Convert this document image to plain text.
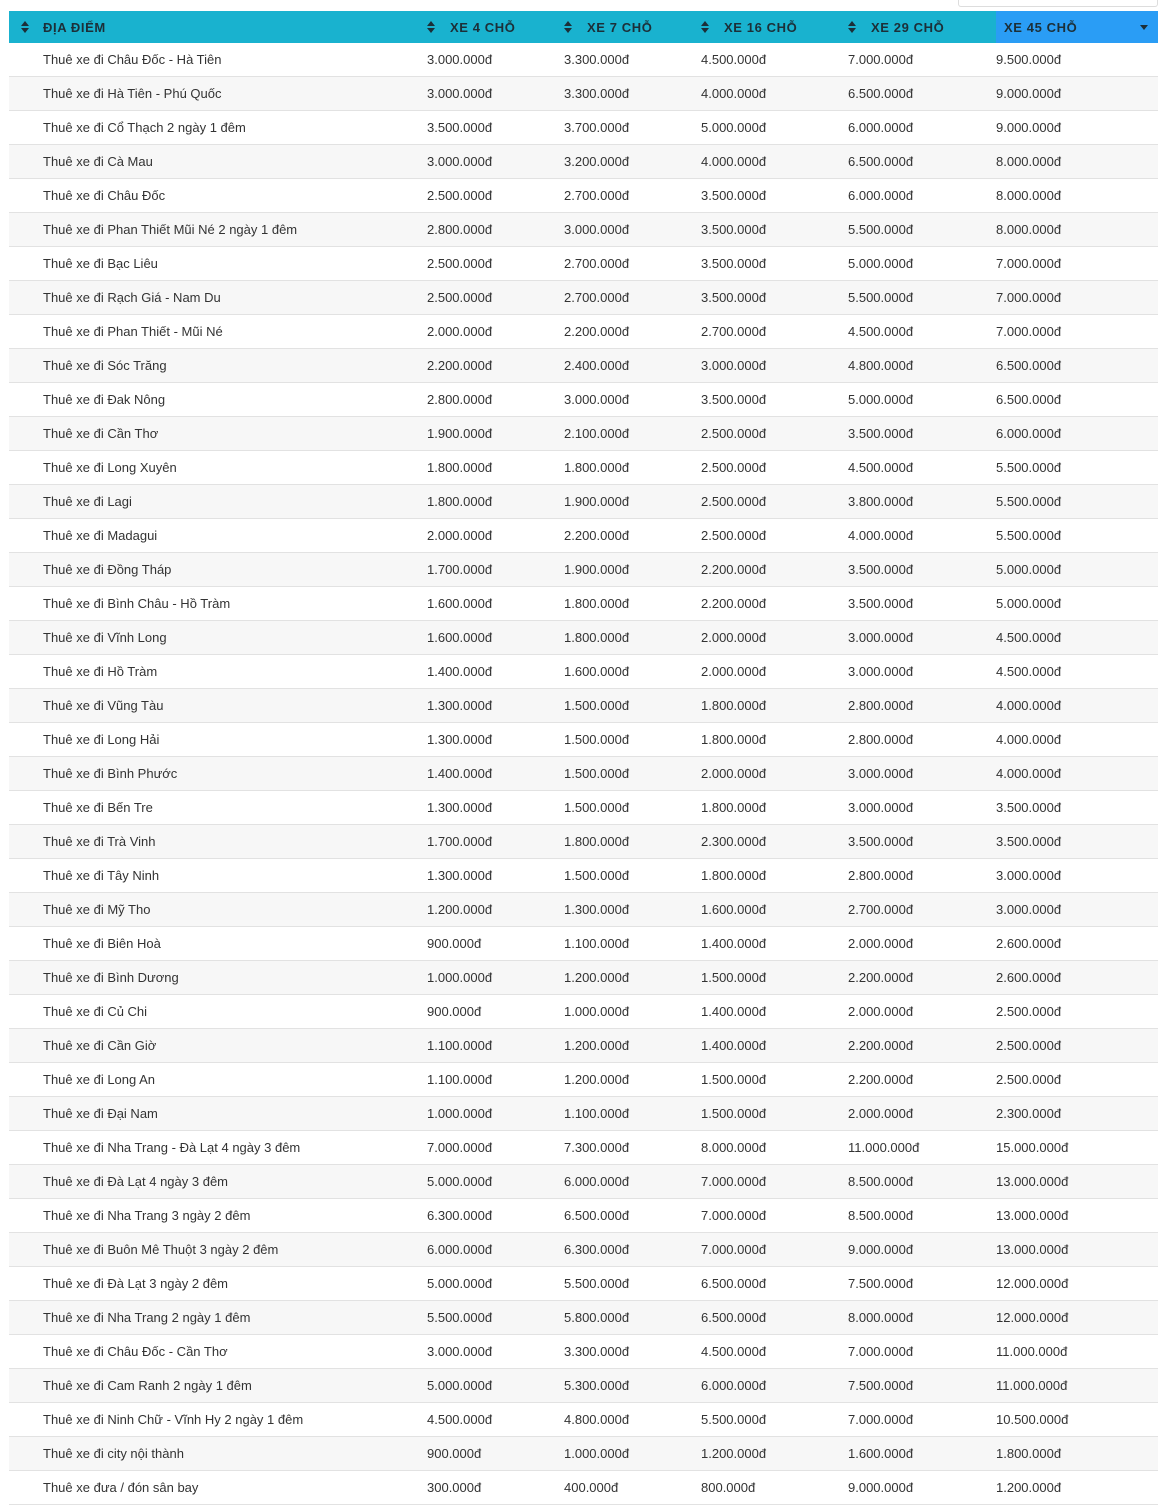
ĐỊA ĐIỂM	XE 4 CHỖ	XE 7 CHỖ	XE 16 CHỖ	XE 29 CHỖ	XE 45 CHỖ

Thuê xe đi Châu Đốc - Hà Tiên	3.000.000đ	3.300.000đ	4.500.000đ	7.000.000đ	9.500.000đ
Thuê xe đi Hà Tiên - Phú Quốc	3.000.000đ	3.300.000đ	4.000.000đ	6.500.000đ	9.000.000đ
Thuê xe đi Cổ Thạch 2 ngày 1 đêm	3.500.000đ	3.700.000đ	5.000.000đ	6.000.000đ	9.000.000đ
Thuê xe đi Cà Mau	3.000.000đ	3.200.000đ	4.000.000đ	6.500.000đ	8.000.000đ
Thuê xe đi Châu Đốc	2.500.000đ	2.700.000đ	3.500.000đ	6.000.000đ	8.000.000đ
Thuê xe đi Phan Thiết Mũi Né 2 ngày 1 đêm	2.800.000đ	3.000.000đ	3.500.000đ	5.500.000đ	8.000.000đ
Thuê xe đi Bạc Liêu	2.500.000đ	2.700.000đ	3.500.000đ	5.000.000đ	7.000.000đ
Thuê xe đi Rạch Giá - Nam Du	2.500.000đ	2.700.000đ	3.500.000đ	5.500.000đ	7.000.000đ
Thuê xe đi Phan Thiết - Mũi Né	2.000.000đ	2.200.000đ	2.700.000đ	4.500.000đ	7.000.000đ
Thuê xe đi Sóc Trăng	2.200.000đ	2.400.000đ	3.000.000đ	4.800.000đ	6.500.000đ
Thuê xe đi Đak Nông	2.800.000đ	3.000.000đ	3.500.000đ	5.000.000đ	6.500.000đ
Thuê xe đi Cần Thơ	1.900.000đ	2.100.000đ	2.500.000đ	3.500.000đ	6.000.000đ
Thuê xe đi Long Xuyên	1.800.000đ	1.800.000đ	2.500.000đ	4.500.000đ	5.500.000đ
Thuê xe đi Lagi	1.800.000đ	1.900.000đ	2.500.000đ	3.800.000đ	5.500.000đ
Thuê xe đi Madagui	2.000.000đ	2.200.000đ	2.500.000đ	4.000.000đ	5.500.000đ
Thuê xe đi Đồng Tháp	1.700.000đ	1.900.000đ	2.200.000đ	3.500.000đ	5.000.000đ
Thuê xe đi Bình Châu - Hồ Tràm	1.600.000đ	1.800.000đ	2.200.000đ	3.500.000đ	5.000.000đ
Thuê xe đi Vĩnh Long	1.600.000đ	1.800.000đ	2.000.000đ	3.000.000đ	4.500.000đ
Thuê xe đi Hồ Tràm	1.400.000đ	1.600.000đ	2.000.000đ	3.000.000đ	4.500.000đ
Thuê xe đi Vũng Tàu	1.300.000đ	1.500.000đ	1.800.000đ	2.800.000đ	4.000.000đ
Thuê xe đi Long Hải	1.300.000đ	1.500.000đ	1.800.000đ	2.800.000đ	4.000.000đ
Thuê xe đi Bình Phước	1.400.000đ	1.500.000đ	2.000.000đ	3.000.000đ	4.000.000đ
Thuê xe đi Bến Tre	1.300.000đ	1.500.000đ	1.800.000đ	3.000.000đ	3.500.000đ
Thuê xe đi Trà Vinh	1.700.000đ	1.800.000đ	2.300.000đ	3.500.000đ	3.500.000đ
Thuê xe đi Tây Ninh	1.300.000đ	1.500.000đ	1.800.000đ	2.800.000đ	3.000.000đ
Thuê xe đi Mỹ Tho	1.200.000đ	1.300.000đ	1.600.000đ	2.700.000đ	3.000.000đ
Thuê xe đi Biên Hoà	900.000đ	1.100.000đ	1.400.000đ	2.000.000đ	2.600.000đ
Thuê xe đi Bình Dương	1.000.000đ	1.200.000đ	1.500.000đ	2.200.000đ	2.600.000đ
Thuê xe đi Củ Chi	900.000đ	1.000.000đ	1.400.000đ	2.000.000đ	2.500.000đ
Thuê xe đi Cần Giờ	1.100.000đ	1.200.000đ	1.400.000đ	2.200.000đ	2.500.000đ
Thuê xe đi Long An	1.100.000đ	1.200.000đ	1.500.000đ	2.200.000đ	2.500.000đ
Thuê xe đi Đại Nam	1.000.000đ	1.100.000đ	1.500.000đ	2.000.000đ	2.300.000đ
Thuê xe đi Nha Trang - Đà Lạt 4 ngày 3 đêm	7.000.000đ	7.300.000đ	8.000.000đ	11.000.000đ	15.000.000đ
Thuê xe đi Đà Lạt 4 ngày 3 đêm	5.000.000đ	6.000.000đ	7.000.000đ	8.500.000đ	13.000.000đ
Thuê xe đi Nha Trang 3 ngày 2 đêm	6.300.000đ	6.500.000đ	7.000.000đ	8.500.000đ	13.000.000đ
Thuê xe đi Buôn Mê Thuột 3 ngày 2 đêm	6.000.000đ	6.300.000đ	7.000.000đ	9.000.000đ	13.000.000đ
Thuê xe đi Đà Lạt 3 ngày 2 đêm	5.000.000đ	5.500.000đ	6.500.000đ	7.500.000đ	12.000.000đ
Thuê xe đi Nha Trang 2 ngày 1 đêm	5.500.000đ	5.800.000đ	6.500.000đ	8.000.000đ	12.000.000đ
Thuê xe đi Châu Đốc - Cần Thơ	3.000.000đ	3.300.000đ	4.500.000đ	7.000.000đ	11.000.000đ
Thuê xe đi Cam Ranh 2 ngày 1 đêm	5.000.000đ	5.300.000đ	6.000.000đ	7.500.000đ	11.000.000đ
Thuê xe đi Ninh Chữ - Vĩnh Hy 2 ngày 1 đêm	4.500.000đ	4.800.000đ	5.500.000đ	7.000.000đ	10.500.000đ
Thuê xe đi city nội thành	900.000đ	1.000.000đ	1.200.000đ	1.600.000đ	1.800.000đ
Thuê xe đưa / đón sân bay	300.000đ	400.000đ	800.000đ	9.000.000đ	1.200.000đ
